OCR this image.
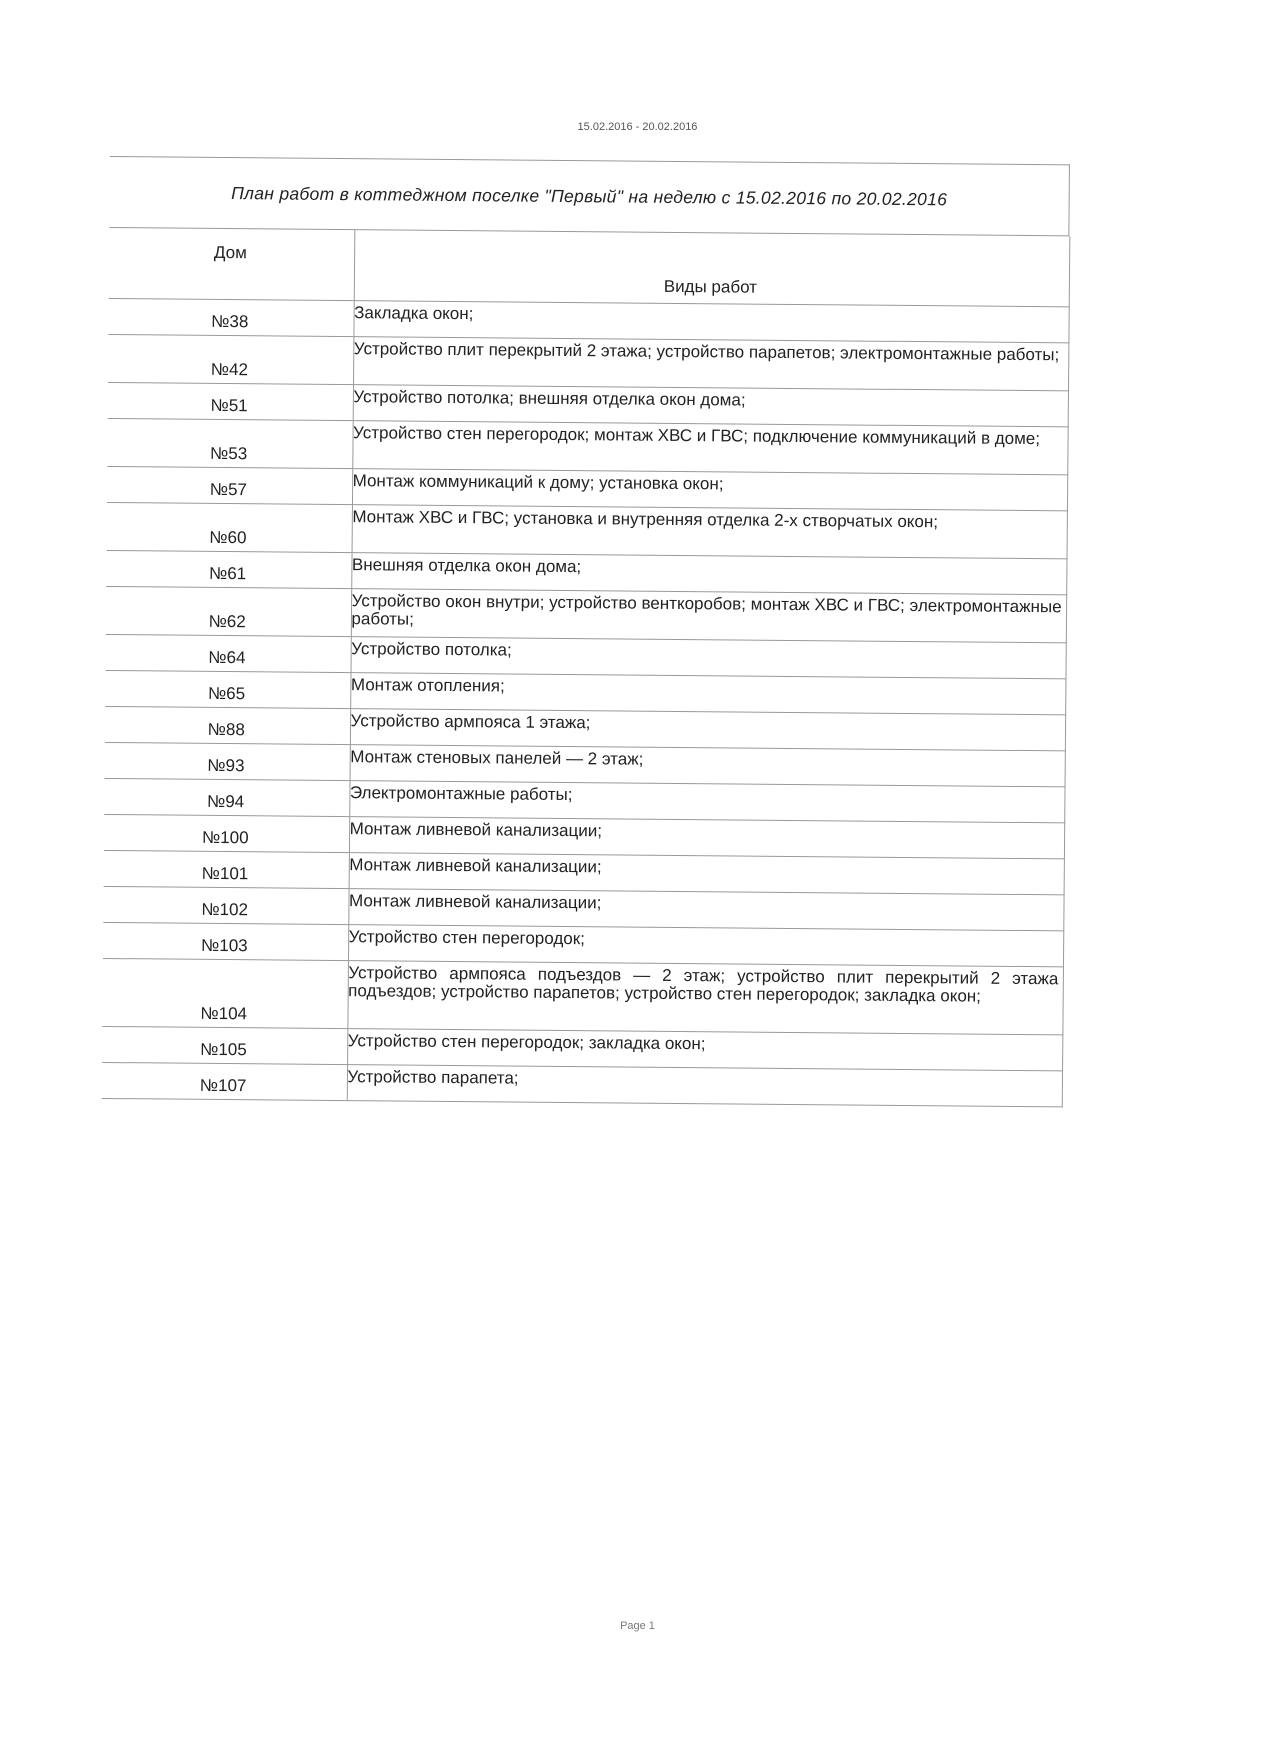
15.02.2016 - 20.02.2016
План работ в коттеджном поселке "Первый" на неделю с 15.02.2016 по 20.02.2016
Дом	Виды работ
№38	Закладка окон;
№42	Устройство плит перекрытий 2 этажа; устройство парапетов; электромонтажные работы;
№51	Устройство потолка; внешняя отделка окон дома;
№53	Устройство стен перегородок; монтаж ХВС и ГВС; подключение коммуникаций в доме;
№57	Монтаж коммуникаций к дому; установка окон;
№60	Монтаж ХВС и ГВС; установка и внутренняя отделка 2-х створчатых окон;
№61	Внешняя отделка окон дома;
№62	Устройство окон внутри; устройство венткоробов; монтаж ХВС и ГВС; электромонтажные работы;
№64	Устройство потолка;
№65	Монтаж отопления;
№88	Устройство армпояса 1 этажа;
№93	Монтаж стеновых панелей — 2 этаж;
№94	Электромонтажные работы;
№100	Монтаж ливневой канализации;
№101	Монтаж ливневой канализации;
№102	Монтаж ливневой канализации;
№103	Устройство стен перегородок;
№104	Устройство армпояса подъездов — 2 этаж; устройство плит перекрытий 2 этажа подъездов; устройство парапетов; устройство стен перегородок; закладка окон;
№105	Устройство стен перегородок; закладка окон;
№107	Устройство парапета;
Page 1
